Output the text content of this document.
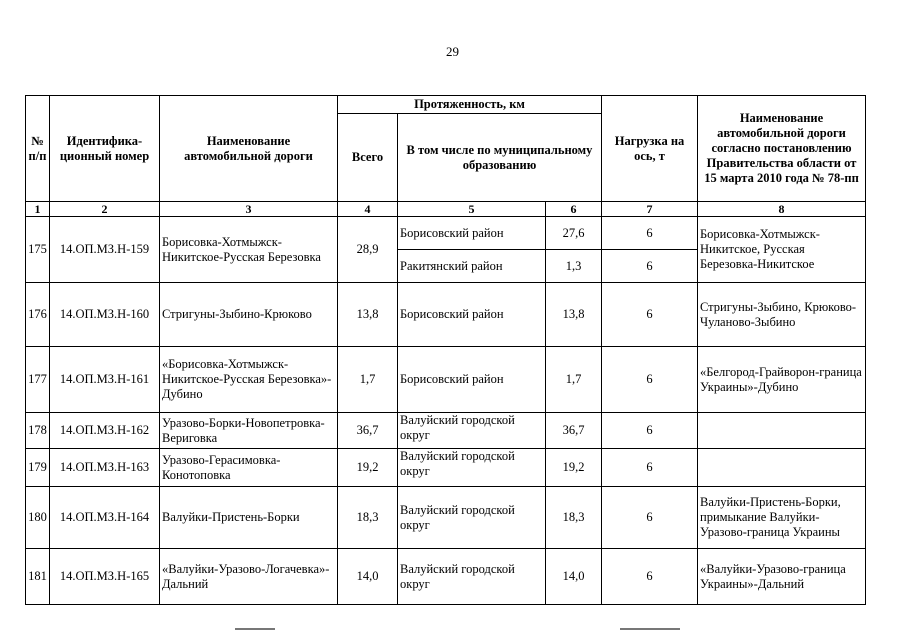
29
№ п/п	Идентифика-ционный номер	Наименование автомобильной дороги	Протяженность, км			Нагрузка на ось, т	Наименование автомобильной дороги согласно постановлению Правительства области от 15 марта 2010 года № 78-пп
			Всего	В том числе по муниципальному образованию			
1	2	3	4	5	6	7	8
175	14.ОП.МЗ.Н-159	Борисовка-Хотмыжск-Никитское-Русская Березовка	28,9	Борисовский район	27,6	6	Борисовка-Хотмыжск-Никитское, Русская Березовка-Никитское
				Ракитянский район	1,3	6	
176	14.ОП.МЗ.Н-160	Стригуны-Зыбино-Крюково	13,8	Борисовский район	13,8	6	Стригуны-Зыбино, Крюково-Чуланово-Зыбино
177	14.ОП.МЗ.Н-161	«Борисовка-Хотмыжск-Никитское-Русская Березовка»-Дубино	1,7	Борисовский район	1,7	6	«Белгород-Грайворон-граница Украины»-Дубино
178	14.ОП.МЗ.Н-162	Уразово-Борки-Новопетровка-Вериговка	36,7	Валуйский городской округ	36,7	6	
179	14.ОП.МЗ.Н-163	Уразово-Герасимовка-Конотоповка	19,2	Валуйский городской округ	19,2	6	
180	14.ОП.МЗ.Н-164	Валуйки-Пристень-Борки	18,3	Валуйский городской округ	18,3	6	Валуйки-Пристень-Борки, примыкание Валуйки-Уразово-граница Украины
181	14.ОП.МЗ.Н-165	«Валуйки-Уразово-Логачевка»-Дальний	14,0	Валуйский городской округ	14,0	6	«Валуйки-Уразово-граница Украины»-Дальний
